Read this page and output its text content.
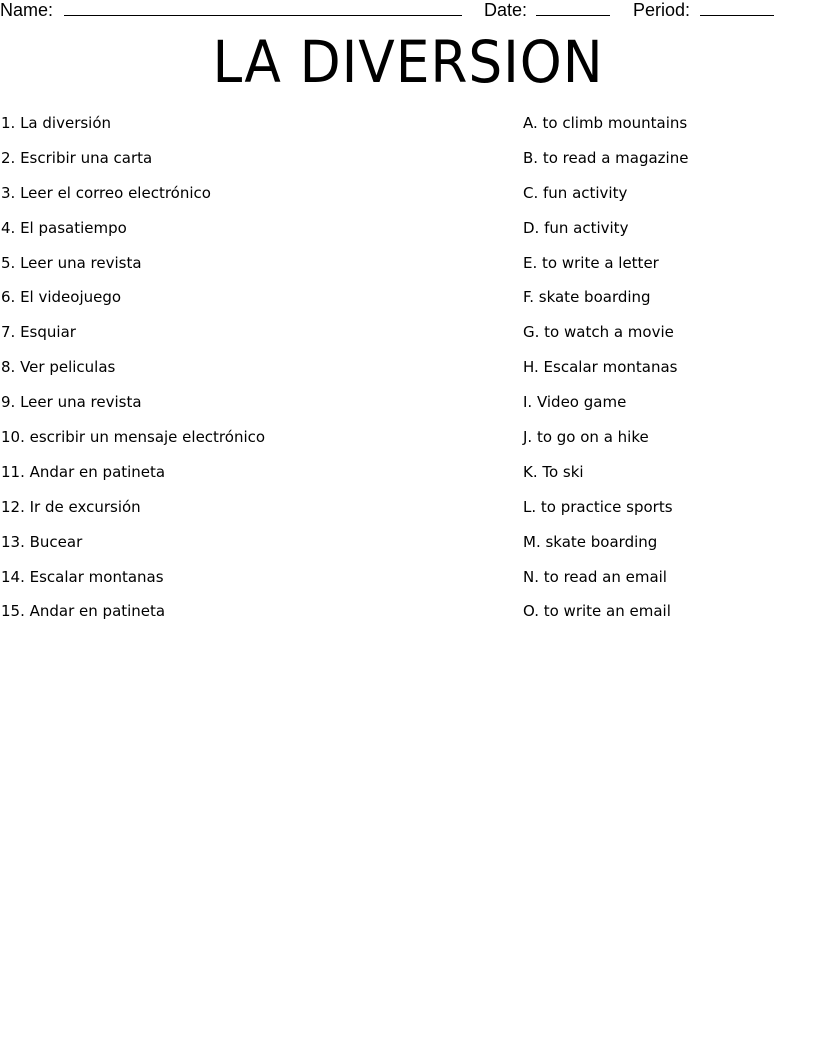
Name:	Date:	Period:
LA DIVERSION
1. La diversión
2. Escribir una carta
3. Leer el correo electrónico
4. El pasatiempo
5. Leer una revista
6. El videojuego
7. Esquiar
8. Ver peliculas
9. Leer una revista
10. escribir un mensaje electrónico
11. Andar en patineta
12. Ir de excursión
13. Bucear
14. Escalar montanas
15. Andar en patineta
A. to climb mountains
B. to read a magazine
C. fun activity
D. fun activity
E. to write a letter
F. skate boarding
G. to watch a movie
H. Escalar montanas
I. Video game
J. to go on a hike
K. To ski
L. to practice sports
M. skate boarding
N. to read an email
O. to write an email
